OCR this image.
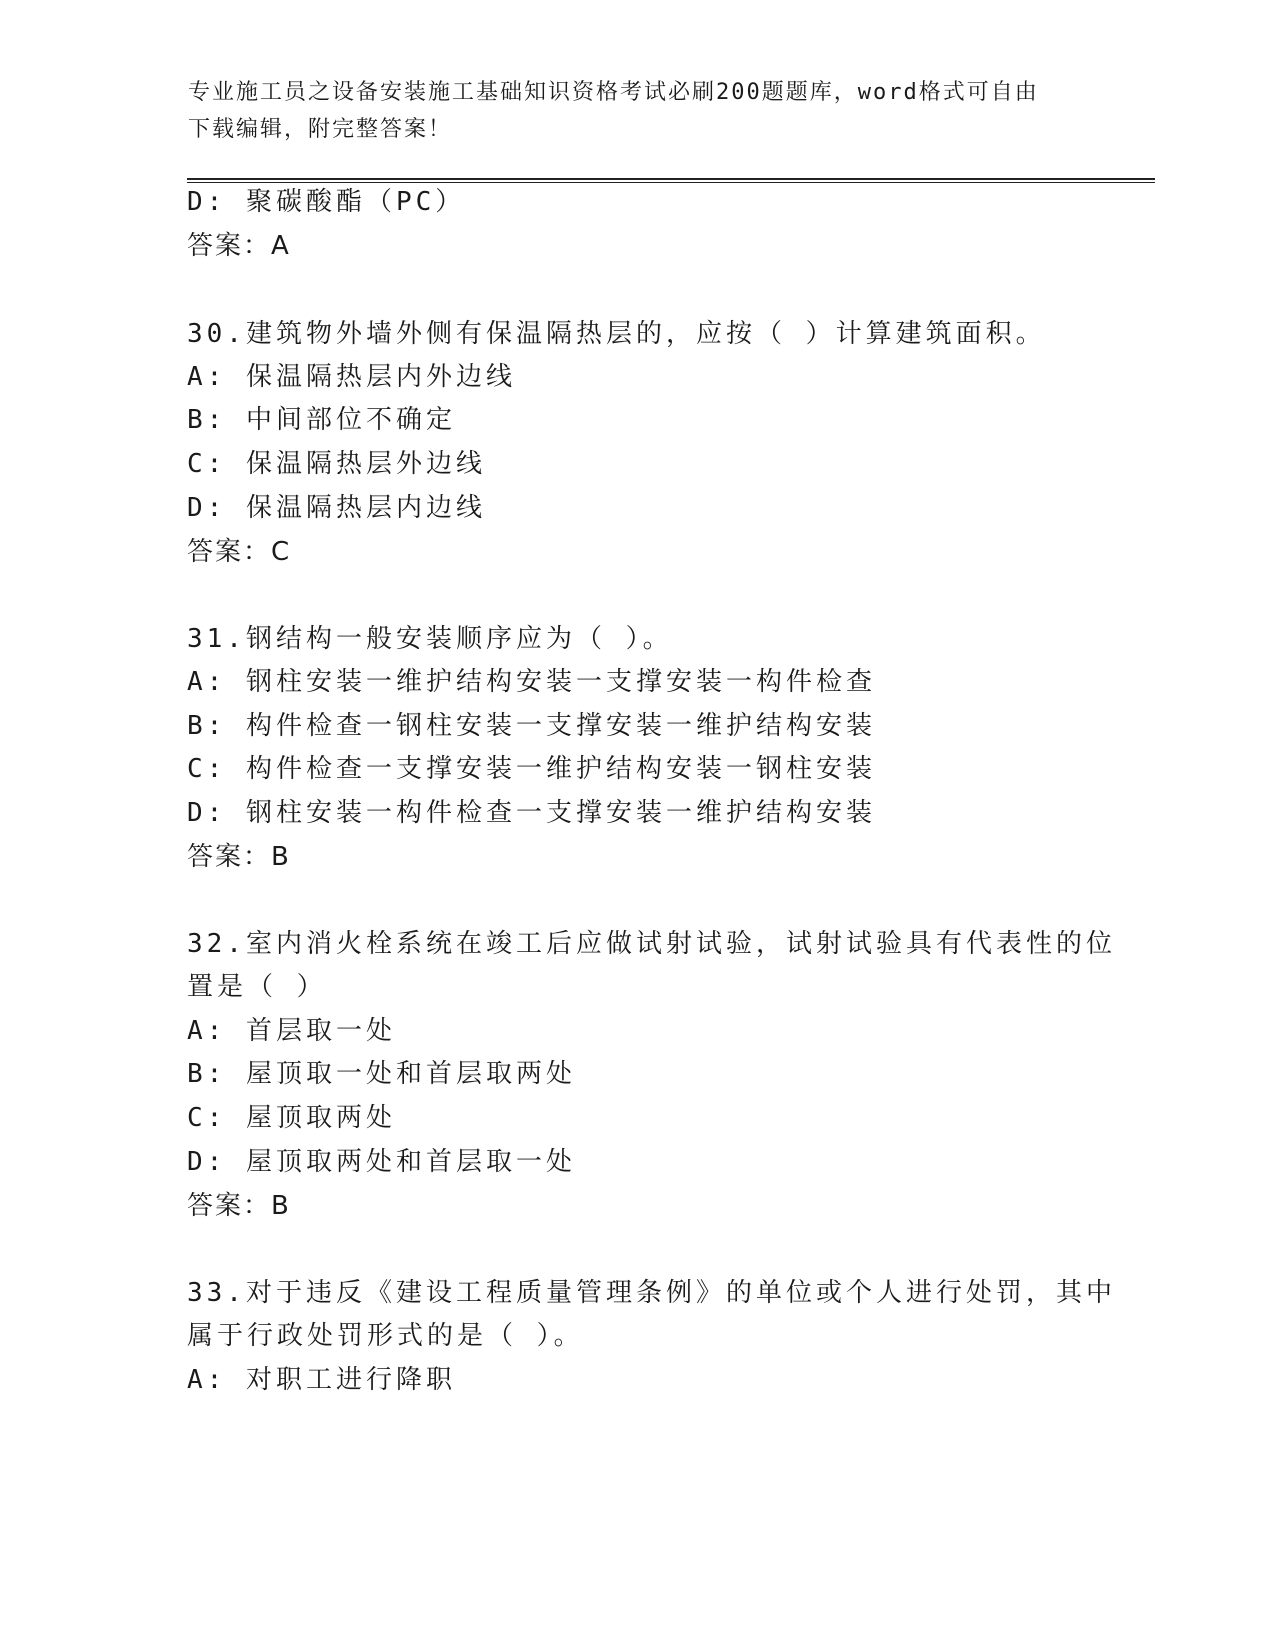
专业施工员之设备安装施工基础知识资格考试必刷200题题库，word格式可自由
下载编辑，附完整答案！
D: 聚碳酸酯（PC）
答案：A
30.建筑物外墙外侧有保温隔热层的，应按（ ）计算建筑面积。
A: 保温隔热层内外边线
B: 中间部位不确定
C: 保温隔热层外边线
D: 保温隔热层内边线
答案：C
31.钢结构一般安装顺序应为（ ）。
A: 钢柱安装一维护结构安装一支撑安装一构件检查
B: 构件检查一钢柱安装一支撑安装一维护结构安装
C: 构件检查一支撑安装一维护结构安装一钢柱安装
D: 钢柱安装一构件检查一支撑安装一维护结构安装
答案：B
32.室内消火栓系统在竣工后应做试射试验，试射试验具有代表性的位
置是（ ）
A: 首层取一处
B: 屋顶取一处和首层取两处
C: 屋顶取两处
D: 屋顶取两处和首层取一处
答案：B
33.对于违反《建设工程质量管理条例》的单位或个人进行处罚，其中
属于行政处罚形式的是（ ）。
A: 对职工进行降职
